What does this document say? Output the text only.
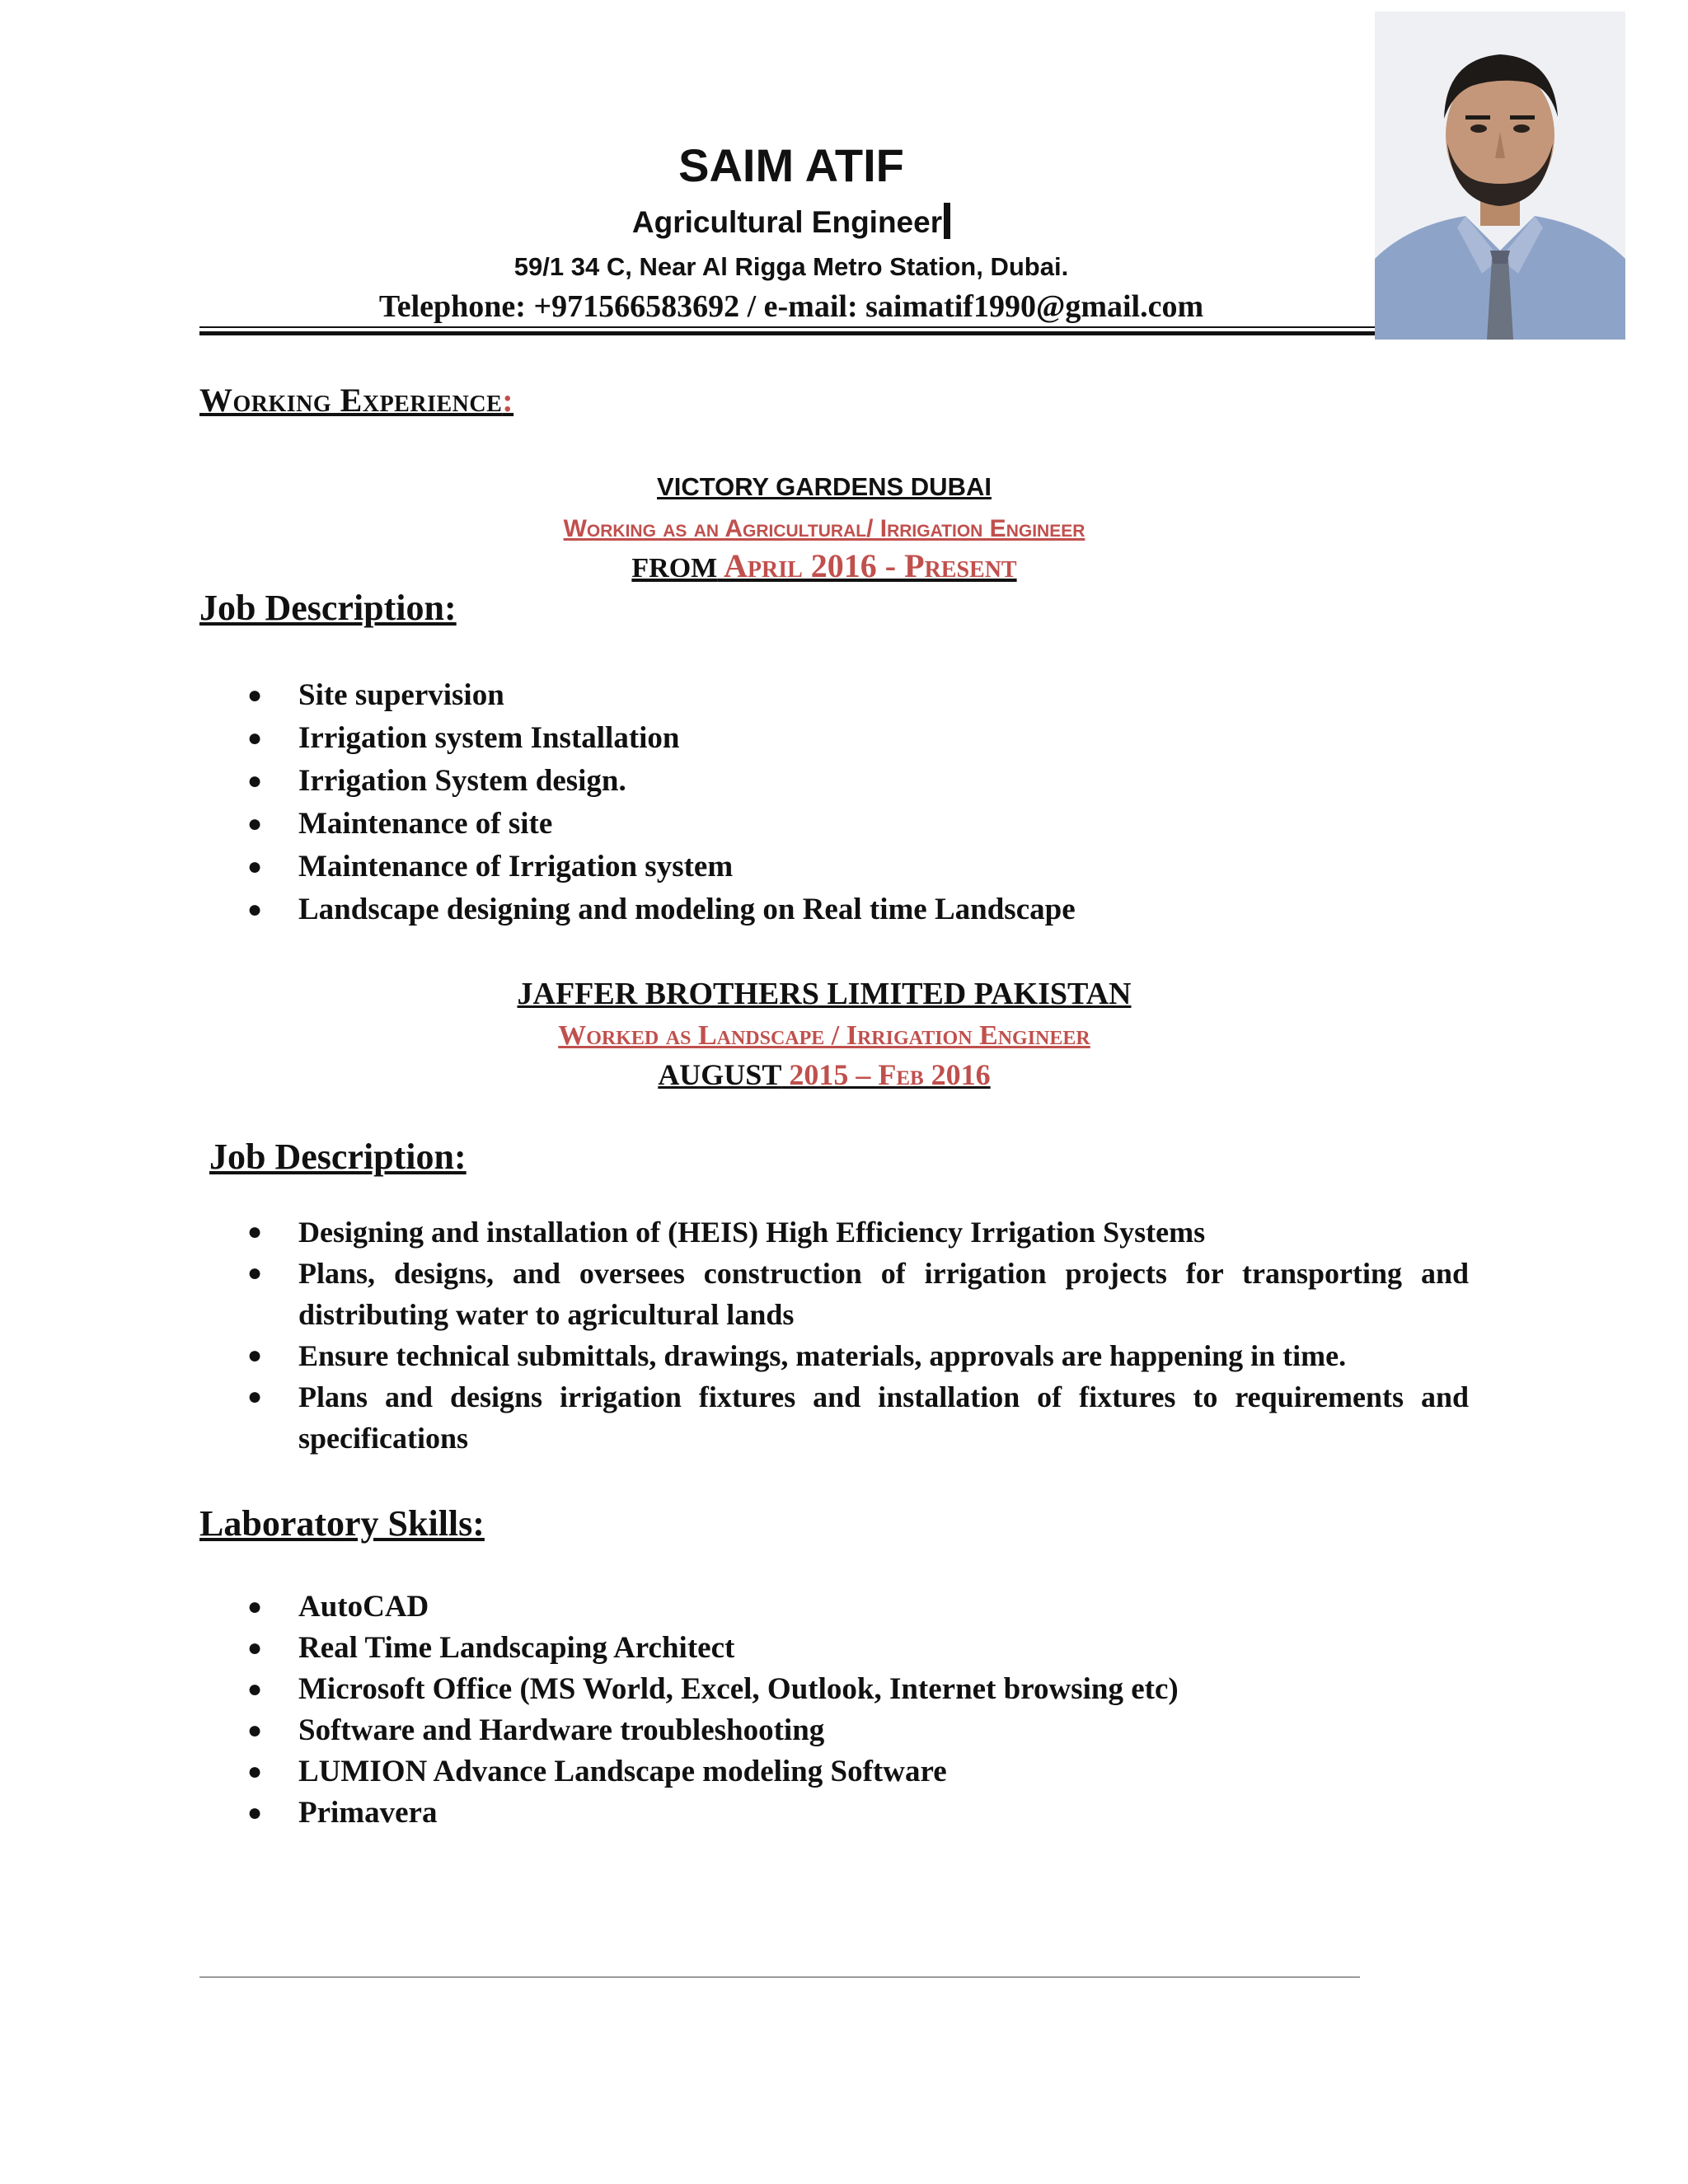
SAIM ATIF
Agricultural Engineer
59/1 34 C, Near Al Rigga Metro Station, Dubai.
Telephone: +971566583692 / e-mail: saimatif1990@gmail.com
Working Experience:
VICTORY GARDENS DUBAI
Working as an Agricultural/ Irrigation Engineer
FROM April 2016 - Present
Job Description:
● Site supervision
● Irrigation system Installation
● Irrigation System design.
● Maintenance of site
● Maintenance of Irrigation system
● Landscape designing and modeling on Real time Landscape
JAFFER BROTHERS LIMITED PAKISTAN
Worked as Landscape / Irrigation Engineer
AUGUST 2015 – Feb 2016
Job Description:
● Designing and installation of (HEIS) High Efficiency Irrigation Systems
● Plans, designs, and oversees construction of irrigation projects for transporting and distributing water to agricultural lands
● Ensure technical submittals, drawings, materials, approvals are happening in time.
● Plans and designs irrigation fixtures and installation of fixtures to requirements and specifications
Laboratory Skills:
● AutoCAD
● Real Time Landscaping Architect
● Microsoft Office (MS World, Excel, Outlook, Internet browsing etc)
● Software and Hardware troubleshooting
● LUMION Advance Landscape modeling Software
● Primavera
